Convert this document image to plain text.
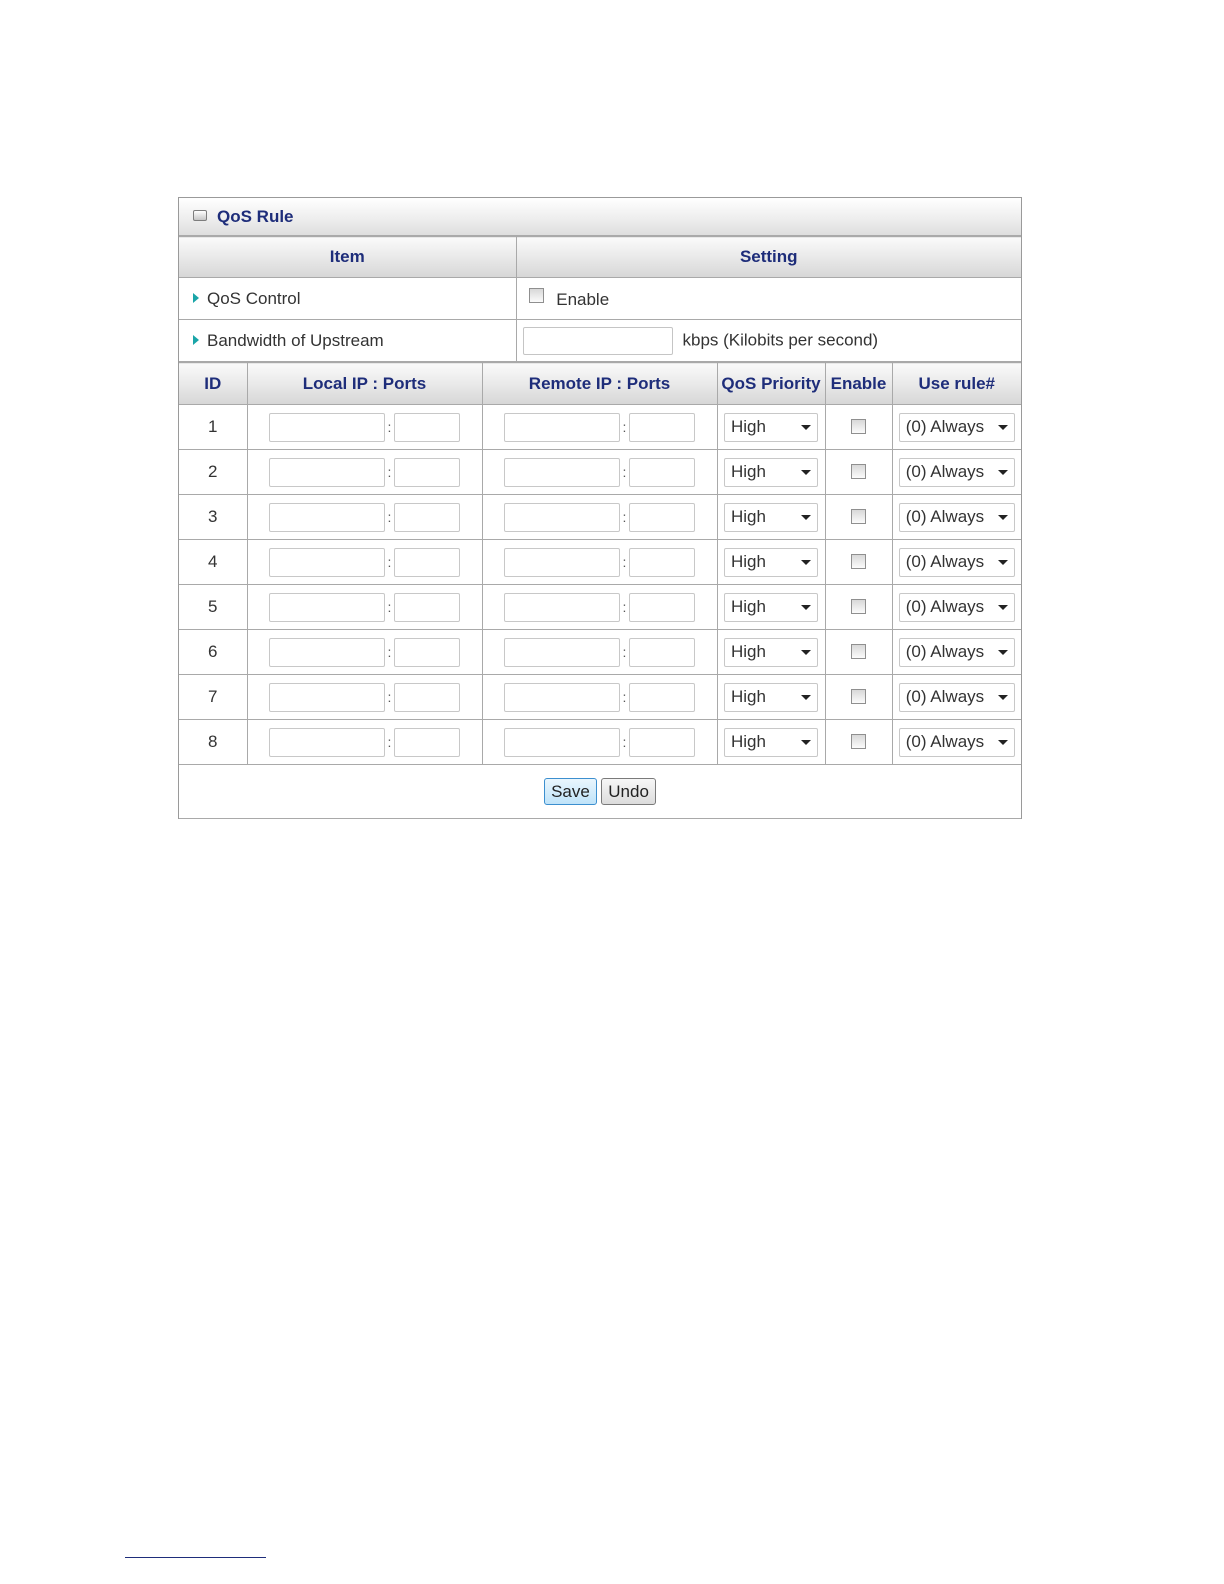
QoS Rule
Item	Setting
QoS Control	Enable
Bandwidth of Upstream	kbps (Kilobits per second)
ID	Local IP : Ports	Remote IP : Ports	QoS Priority	Enable	Use rule#
1	:	:	High		(0) Always

2	:	:	High		(0) Always

3	:	:	High		(0) Always

4	:	:	High		(0) Always

5	:	:	High		(0) Always

6	:	:	High		(0) Always

7	:	:	High		(0) Always

8	:	:	High		(0) Always

Save Undo					
